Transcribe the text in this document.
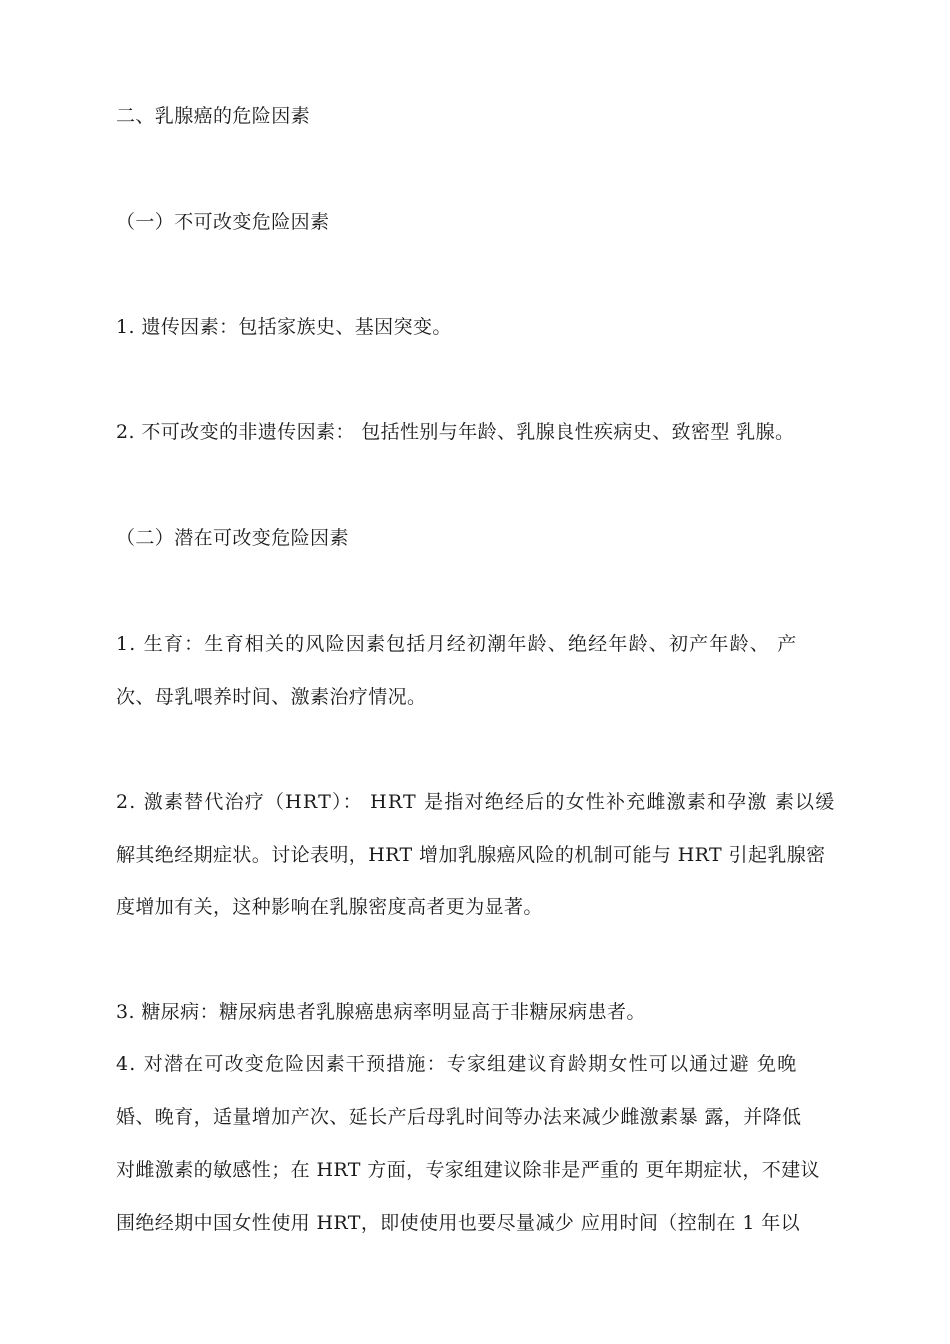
二、乳腺癌的危险因素
（一）不可改变危险因素
1. 遗传因素：包括家族史、基因突变。
2. 不可改变的非遗传因素： 包括性别与年龄、乳腺良性疾病史、致密型 乳腺。
（二）潜在可改变危险因素
1. 生育：生育相关的风险因素包括月经初潮年龄、绝经年龄、初产年龄、 产
次、母乳喂养时间、激素治疗情况。
2. 激素替代治疗（HRT）： HRT 是指对绝经后的女性补充雌激素和孕激 素以缓
解其绝经期症状。讨论表明，HRT 增加乳腺癌风险的机制可能与 HRT 引起乳腺密
度增加有关，这种影响在乳腺密度高者更为显著。
3. 糖尿病：糖尿病患者乳腺癌患病率明显高于非糖尿病患者。
4. 对潜在可改变危险因素干预措施：专家组建议育龄期女性可以通过避 免晚
婚、晚育，适量增加产次、延长产后母乳时间等办法来减少雌激素暴 露，并降低
对雌激素的敏感性；在 HRT 方面，专家组建议除非是严重的 更年期症状，不建议
围绝经期中国女性使用 HRT，即使使用也要尽量减少 应用时间（控制在 1 年以
